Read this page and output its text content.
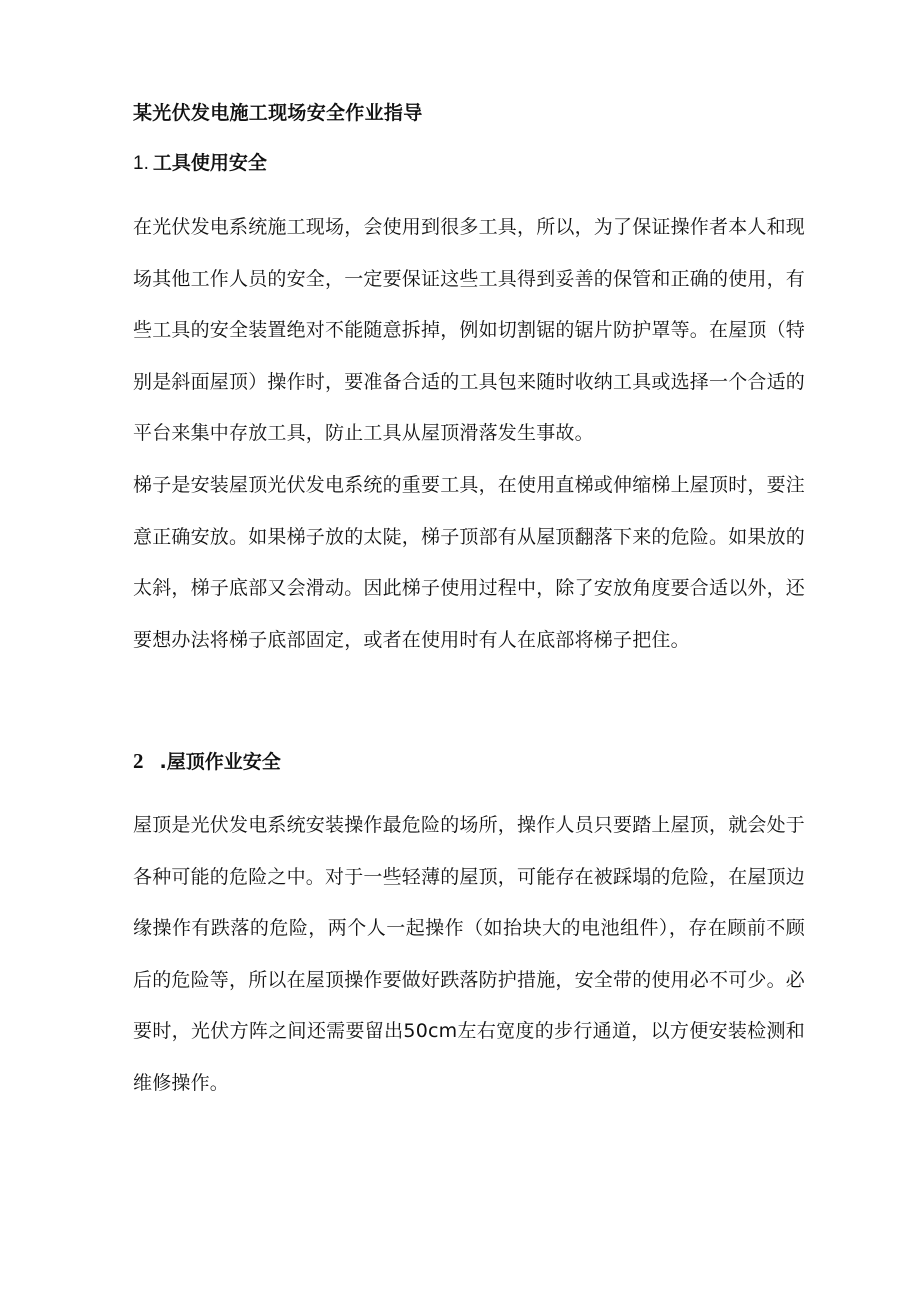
某光伏发电施工现场安全作业指导
1. 工具使用安全

在光伏发电系统施工现场，会使用到很多工具，所以，为了保证操作者本人和现场其他工作人员的安全，一定要保证这些工具得到妥善的保管和正确的使用，有些工具的安全装置绝对不能随意拆掉，例如切割锯的锯片防护罩等。在屋顶（特别是斜面屋顶）操作时，要准备合适的工具包来随时收纳工具或选择一个合适的平台来集中存放工具，防止工具从屋顶滑落发生事故。

梯子是安装屋顶光伏发电系统的重要工具，在使用直梯或伸缩梯上屋顶时，要注意正确安放。如果梯子放的太陡，梯子顶部有从屋顶翻落下来的危险。如果放的太斜，梯子底部又会滑动。因此梯子使用过程中，除了安放角度要合适以外，还要想办法将梯子底部固定，或者在使用时有人在底部将梯子把住。

2 .屋顶作业安全

屋顶是光伏发电系统安装操作最危险的场所，操作人员只要踏上屋顶，就会处于各种可能的危险之中。对于一些轻薄的屋顶，可能存在被踩塌的危险，在屋顶边缘操作有跌落的危险，两个人一起操作（如抬块大的电池组件），存在顾前不顾后的危险等，所以在屋顶操作要做好跌落防护措施，安全带的使用必不可少。必要时，光伏方阵之间还需要留出50cm左右宽度的步行通道，以方便安装检测和维修操作。
